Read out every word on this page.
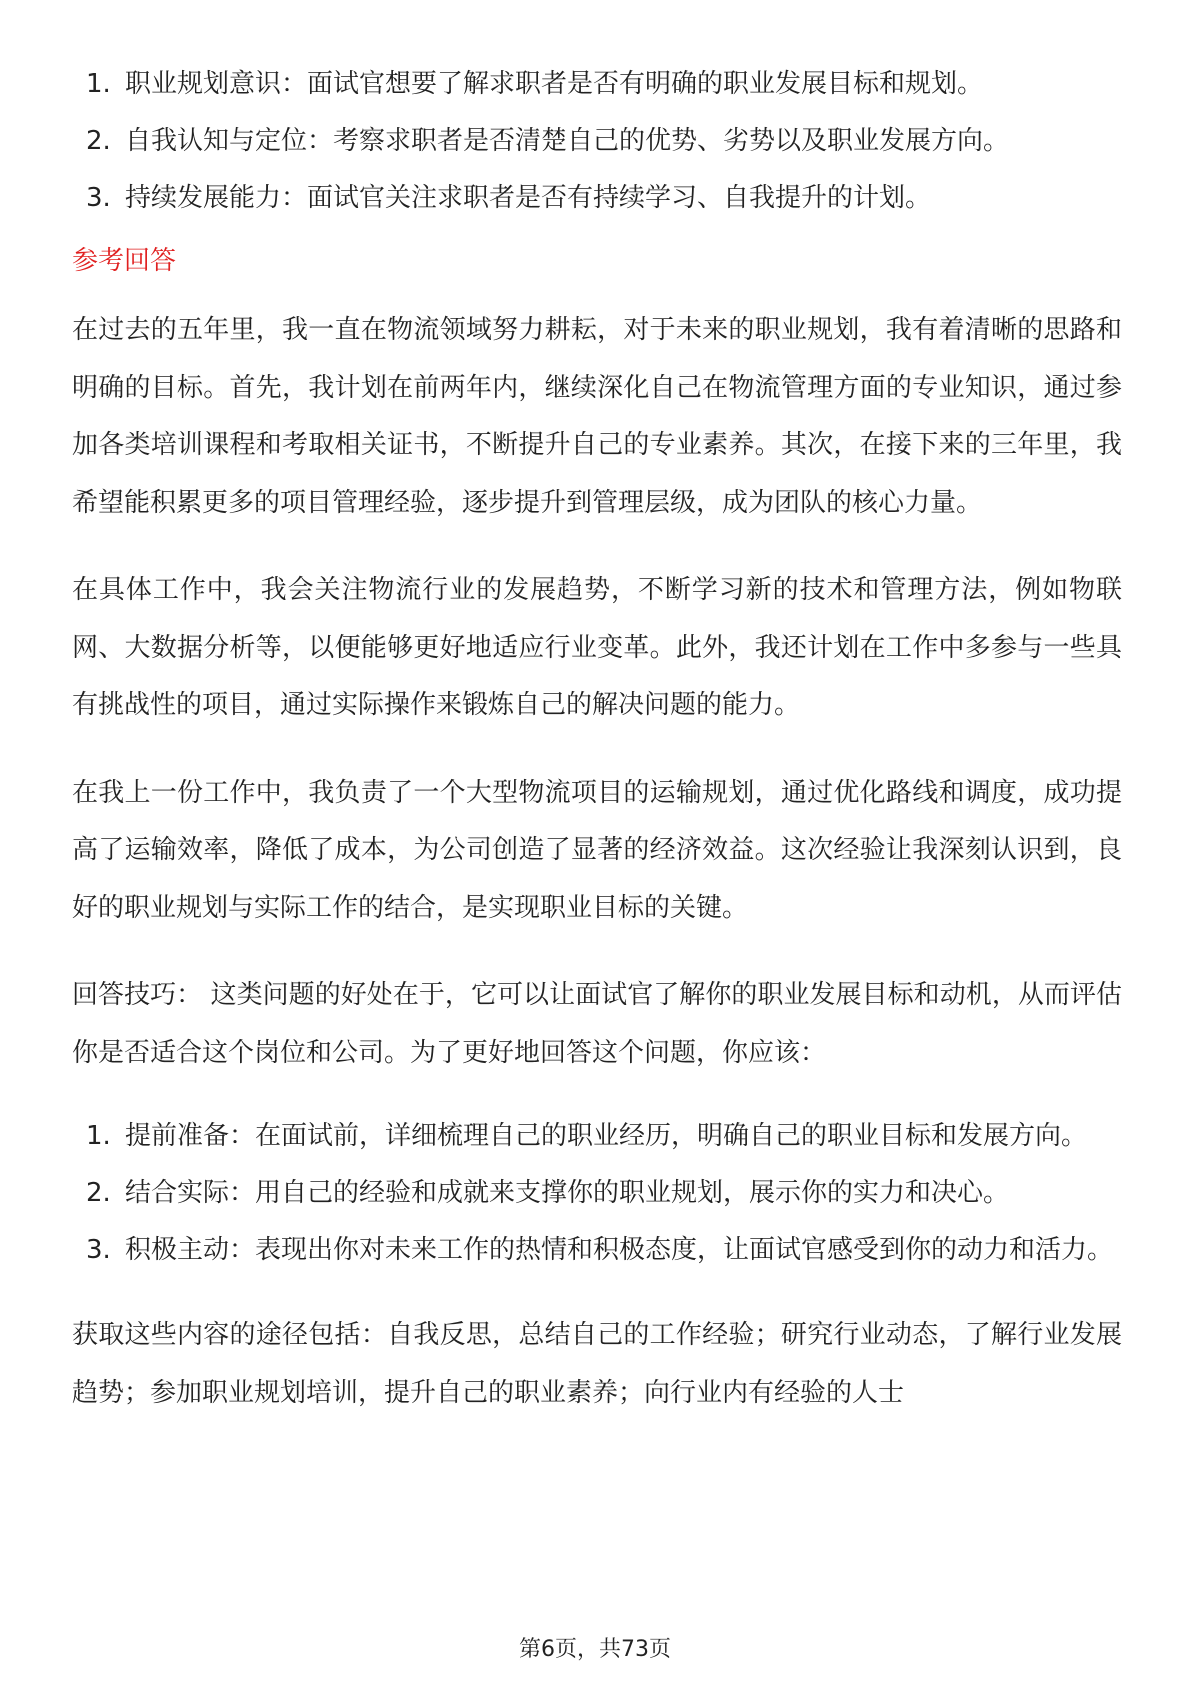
1. 职业规划意识：面试官想要了解求职者是否有明确的职业发展目标和规划。
2. 自我认知与定位：考察求职者是否清楚自己的优势、劣势以及职业发展方向。
3. 持续发展能力：面试官关注求职者是否有持续学习、自我提升的计划。
参考回答

在过去的五年里，我一直在物流领域努力耕耘，对于未来的职业规划，我有着清晰的思路和明确的目标。首先，我计划在前两年内，继续深化自己在物流管理方面的专业知识，通过参加各类培训课程和考取相关证书，不断提升自己的专业素养。其次，在接下来的三年里，我希望能积累更多的项目管理经验，逐步提升到管理层级，成为团队的核心力量。

在具体工作中，我会关注物流行业的发展趋势，不断学习新的技术和管理方法，例如物联网、大数据分析等，以便能够更好地适应行业变革。此外，我还计划在工作中多参与一些具有挑战性的项目，通过实际操作来锻炼自己的解决问题的能力。

在我上一份工作中，我负责了一个大型物流项目的运输规划，通过优化路线和调度，成功提高了运输效率，降低了成本，为公司创造了显著的经济效益。这次经验让我深刻认识到，良好的职业规划与实际工作的结合，是实现职业目标的关键。

回答技巧： 这类问题的好处在于，它可以让面试官了解你的职业发展目标和动机，从而评估你是否适合这个岗位和公司。为了更好地回答这个问题，你应该：

1. 提前准备：在面试前，详细梳理自己的职业经历，明确自己的职业目标和发展方向。
2. 结合实际：用自己的经验和成就来支撑你的职业规划，展示你的实力和决心。
3. 积极主动：表现出你对未来工作的热情和积极态度，让面试官感受到你的动力和活力。

获取这些内容的途径包括：自我反思，总结自己的工作经验；研究行业动态，了解行业发展趋势；参加职业规划培训，提升自己的职业素养；向行业内有经验的人士

第6页，共73页
